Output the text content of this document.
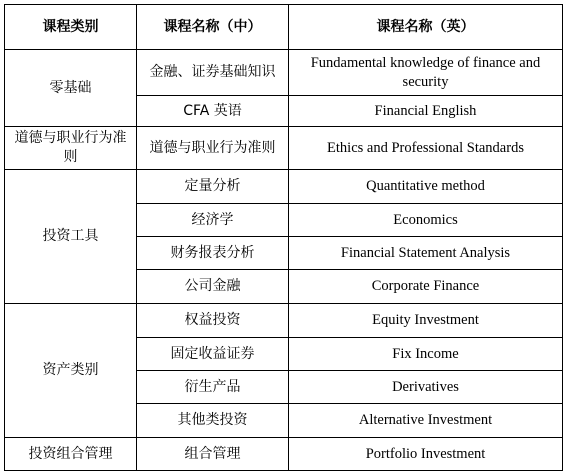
课程类别	课程名称（中）	课程名称（英）
零基础	金融、证券基础知识	Fundamental knowledge of finance and security
	CFA 英语	Financial English
道德与职业行为准则	道德与职业行为准则	Ethics and Professional Standards
投资工具	定量分析	Quantitative method
	经济学	Economics
	财务报表分析	Financial Statement Analysis
	公司金融	Corporate Finance
资产类别	权益投资	Equity Investment
	固定收益证券	Fix Income
	衍生产品	Derivatives
	其他类投资	Alternative Investment
投资组合管理	组合管理	Portfolio Investment
